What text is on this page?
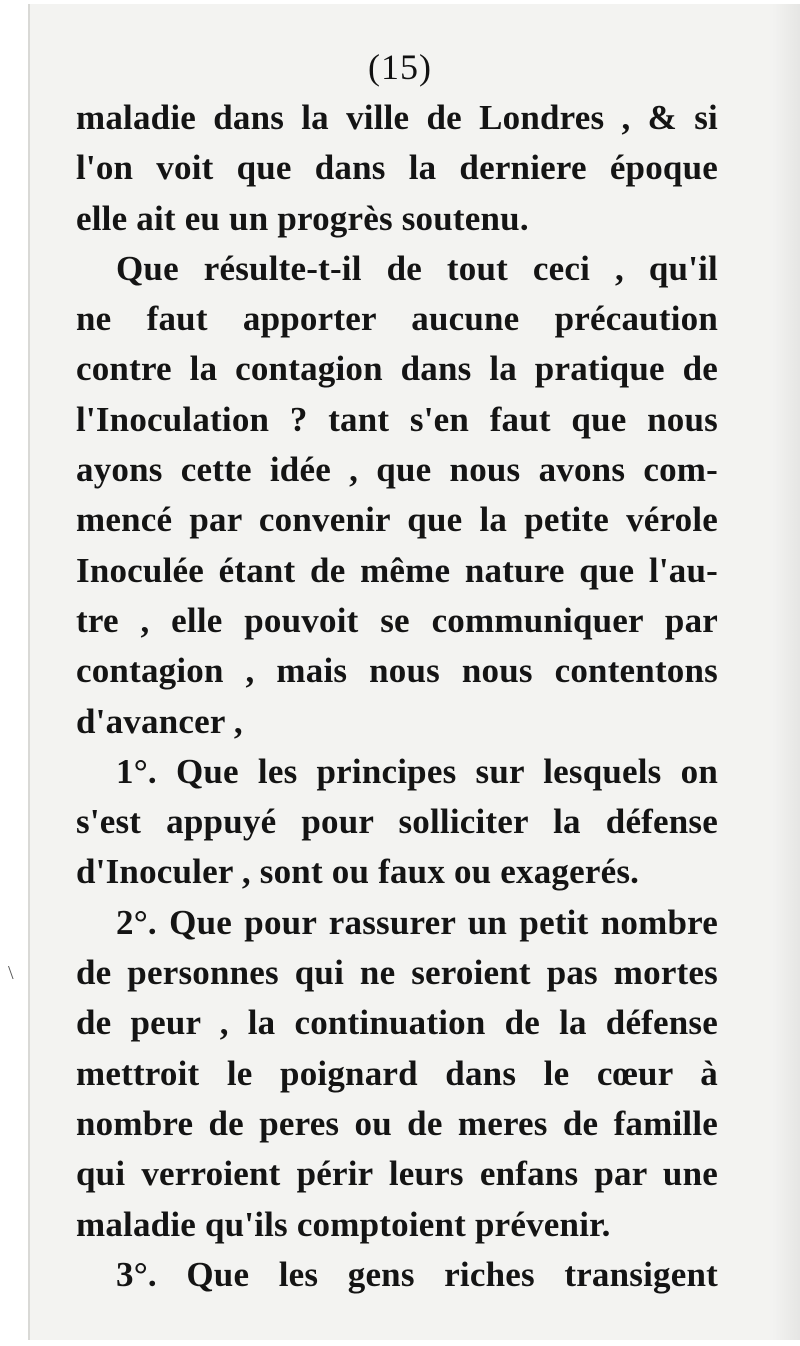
\
(15)
maladie dans la ville de Londres , & si
l'on voit que dans la derniere époque
elle ait eu un progrès soutenu.
Que résulte-t-il de tout ceci , qu'il
ne faut apporter aucune précaution
contre la contagion dans la pratique de
l'Inoculation ? tant s'en faut que nous
ayons cette idée , que nous avons com-
mencé par convenir que la petite vérole
Inoculée étant de même nature que l'au-
tre , elle pouvoit se communiquer par
contagion , mais nous nous contentons
d'avancer ,
1°. Que les principes sur lesquels on
s'est appuyé pour solliciter la défense
d'Inoculer , sont ou faux ou exagerés.
2°. Que pour rassurer un petit nombre
de personnes qui ne seroient pas mortes
de peur , la continuation de la défense
mettroit le poignard dans le cœur à
nombre de peres ou de meres de famille
qui verroient périr leurs enfans par une
maladie qu'ils comptoient prévenir.
3°. Que les gens riches transigent
